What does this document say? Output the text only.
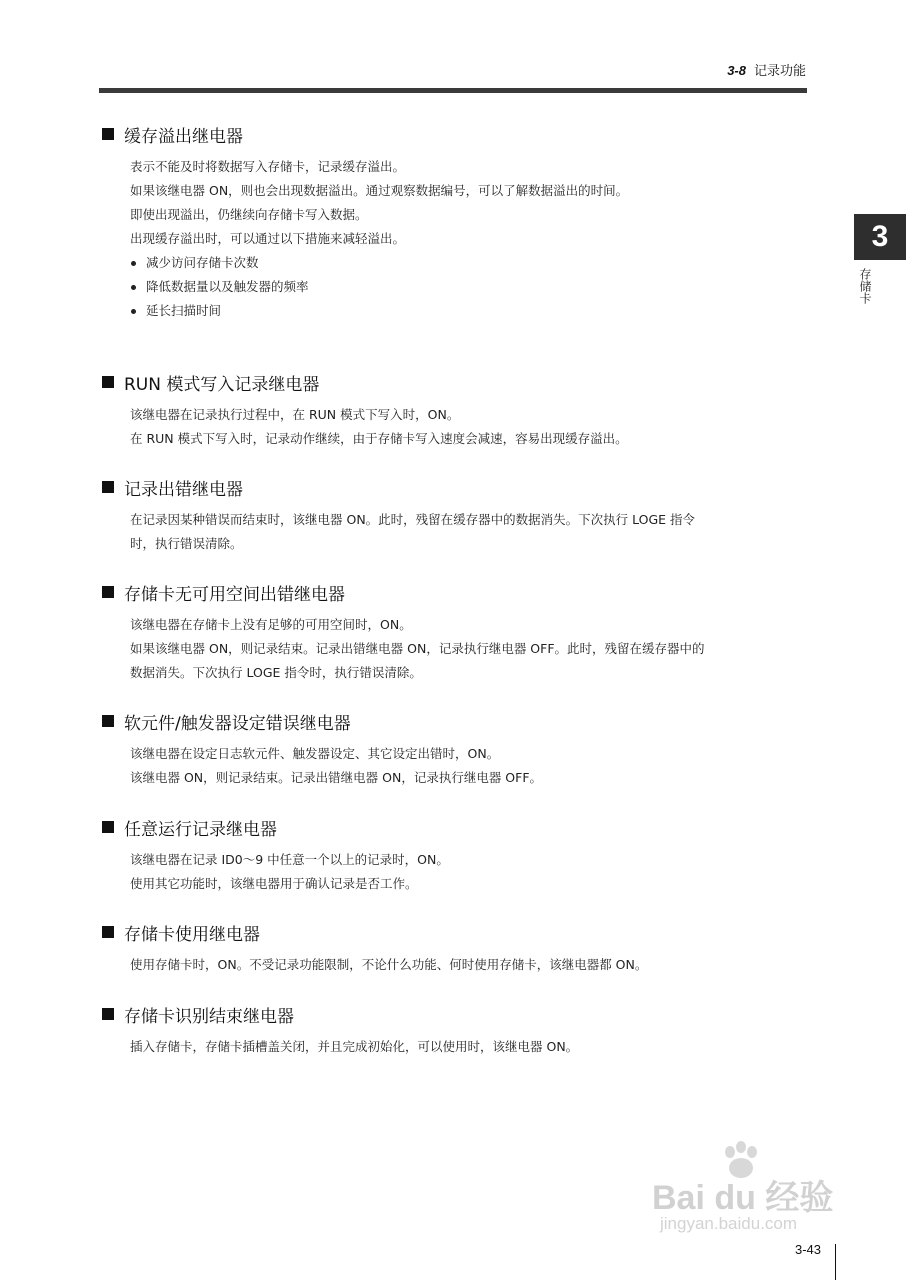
3-8 记录功能
3
存储卡
缓存溢出继电器

表示不能及时将数据写入存储卡，记录缓存溢出。

如果该继电器 ON，则也会出现数据溢出。通过观察数据编号，可以了解数据溢出的时间。

即使出现溢出，仍继续向存储卡写入数据。

出现缓存溢出时，可以通过以下措施来减轻溢出。

减少访问存储卡次数
降低数据量以及触发器的频率
延长扫描时间
RUN 模式写入记录继电器

该继电器在记录执行过程中，在 RUN 模式下写入时，ON。

在 RUN 模式下写入时，记录动作继续，由于存储卡写入速度会减速，容易出现缓存溢出。

记录出错继电器

在记录因某种错误而结束时，该继电器 ON。此时，残留在缓存器中的数据消失。下次执行 LOGE 指令

时，执行错误清除。

存储卡无可用空间出错继电器

该继电器在存储卡上没有足够的可用空间时，ON。

如果该继电器 ON，则记录结束。记录出错继电器 ON，记录执行继电器 OFF。此时，残留在缓存器中的

数据消失。下次执行 LOGE 指令时，执行错误清除。

软元件/触发器设定错误继电器

该继电器在设定日志软元件、触发器设定、其它设定出错时，ON。

该继电器 ON，则记录结束。记录出错继电器 ON，记录执行继电器 OFF。

任意运行记录继电器

该继电器在记录 ID0～9 中任意一个以上的记录时，ON。

使用其它功能时，该继电器用于确认记录是否工作。

存储卡使用继电器

使用存储卡时，ON。不受记录功能限制，不论什么功能、何时使用存储卡，该继电器都 ON。

存储卡识别结束继电器

插入存储卡，存储卡插槽盖关闭，并且完成初始化，可以使用时，该继电器 ON。

Bai du 经验
jingyan.baidu.com
3-43
